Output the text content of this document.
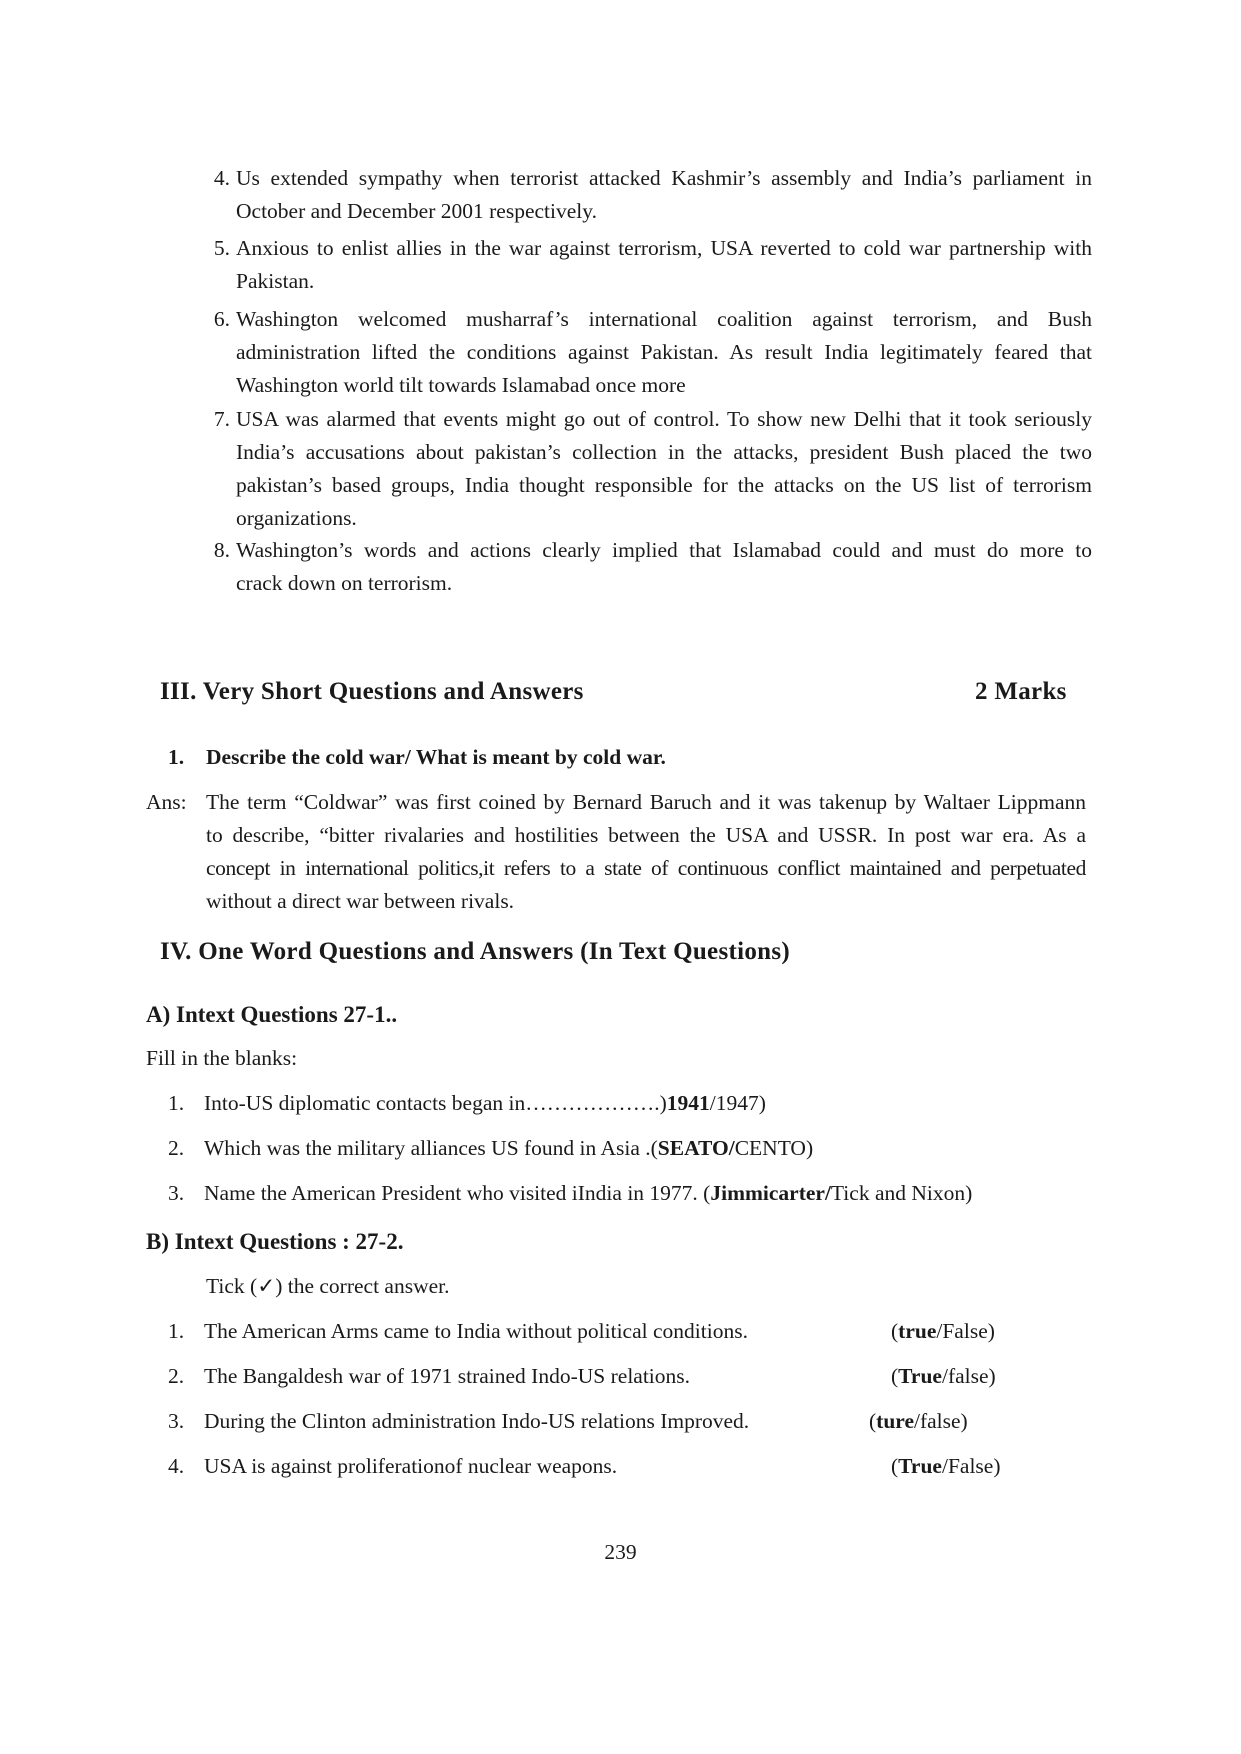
4. Us extended sympathy when terrorist attacked Kashmir’s assembly and India’s parliament in
October and December 2001 respectively.
5. Anxious to enlist allies in the war against terrorism, USA reverted to cold war partnership with
Pakistan.
6. Washington welcomed musharraf’s international coalition against terrorism, and Bush
administration lifted the conditions against Pakistan. As result India legitimately feared that
Washington world tilt towards Islamabad once more
7. USA was alarmed that events might go out of control. To show new Delhi that it took seriously
India’s accusations about pakistan’s collection in the attacks, president Bush placed the two
pakistan’s based groups, India thought responsible for the attacks on the US list of terrorism
organizations.
8. Washington’s words and actions clearly implied that Islamabad could and must do more to
crack down on terrorism.
III. Very Short Questions and Answers	2 Marks
1. Describe the cold war/ What is meant by cold war.
Ans: The term “Coldwar” was first coined by Bernard Baruch and it was takenup by Waltaer Lippmann
to describe, “bitter rivalaries and hostilities between the USA and USSR. In post war era. As a
concept in international politics,it refers to a state of continuous conflict maintained and perpetuated
without a direct war between rivals.
IV. One Word Questions and Answers (In Text Questions)
A) Intext Questions 27-1..
Fill in the blanks:
1. Into-US diplomatic contacts began in……………….)1941/1947)
2. Which was the military alliances US found in Asia .(SEATO/CENTO)
3. Name the American President who visited iIndia in 1977. (Jimmicarter/Tick and Nixon)
B) Intext Questions : 27-2.
Tick (✓) the correct answer.
1. The American Arms came to India without political conditions.	(true/False)
2. The Bangaldesh war of 1971 strained Indo-US relations.	(True/false)
3. During the Clinton administration Indo-US relations Improved.	(ture/false)
4. USA is against proliferationof nuclear weapons.	(True/False)
239
